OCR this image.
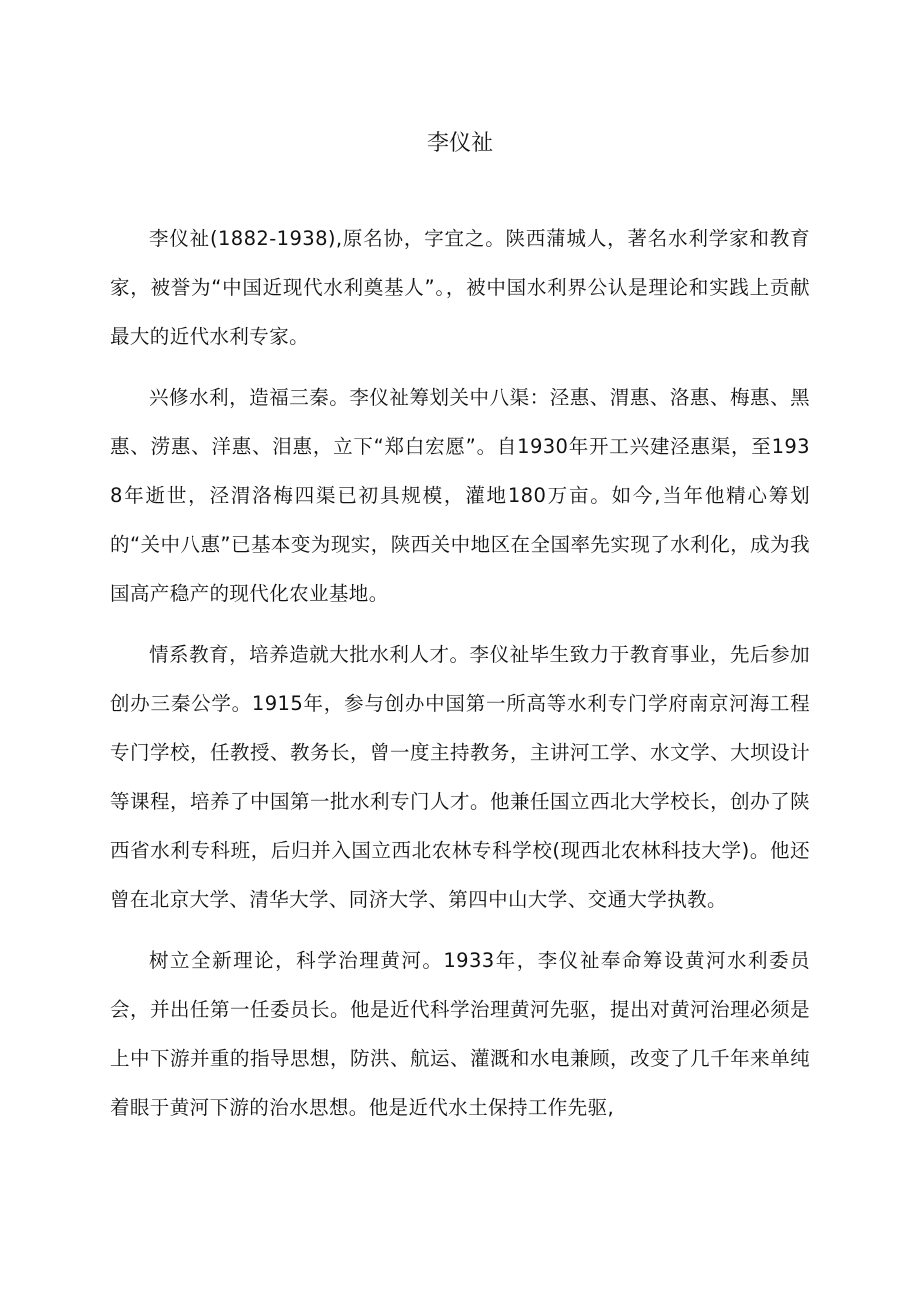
李仪祉

李仪祉(1882-1938),原名协，字宜之。陕西蒲城人，著名水利学家和教育家，被誉为“中国近现代水利奠基人”。，被中国水利界公认是理论和实践上贡献最大的近代水利专家。

兴修水利，造福三秦。李仪祉筹划关中八渠：泾惠、渭惠、洛惠、梅惠、黑惠、涝惠、洋惠、泪惠，立下“郑白宏愿”。自1930年开工兴建泾惠渠，至1938年逝世，泾渭洛梅四渠已初具规模，灌地180万亩。如今,当年他精心筹划的“关中八惠”已基本变为现实，陕西关中地区在全国率先实现了水利化，成为我国高产稳产的现代化农业基地。

情系教育，培养造就大批水利人才。李仪祉毕生致力于教育事业，先后参加创办三秦公学。1915年，参与创办中国第一所高等水利专门学府南京河海工程专门学校，任教授、教务长，曾一度主持教务，主讲河工学、水文学、大坝设计等课程，培养了中国第一批水利专门人才。他兼任国立西北大学校长，创办了陕西省水利专科班，后归并入国立西北农林专科学校(现西北农林科技大学)。他还曾在北京大学、清华大学、同济大学、第四中山大学、交通大学执教。

树立全新理论，科学治理黄河。1933年，李仪祉奉命筹设黄河水利委员会，并出任第一任委员长。他是近代科学治理黄河先驱，提出对黄河治理必须是上中下游并重的指导思想，防洪、航运、灌溉和水电兼顾，改变了几千年来单纯着眼于黄河下游的治水思想。他是近代水土保持工作先驱,
